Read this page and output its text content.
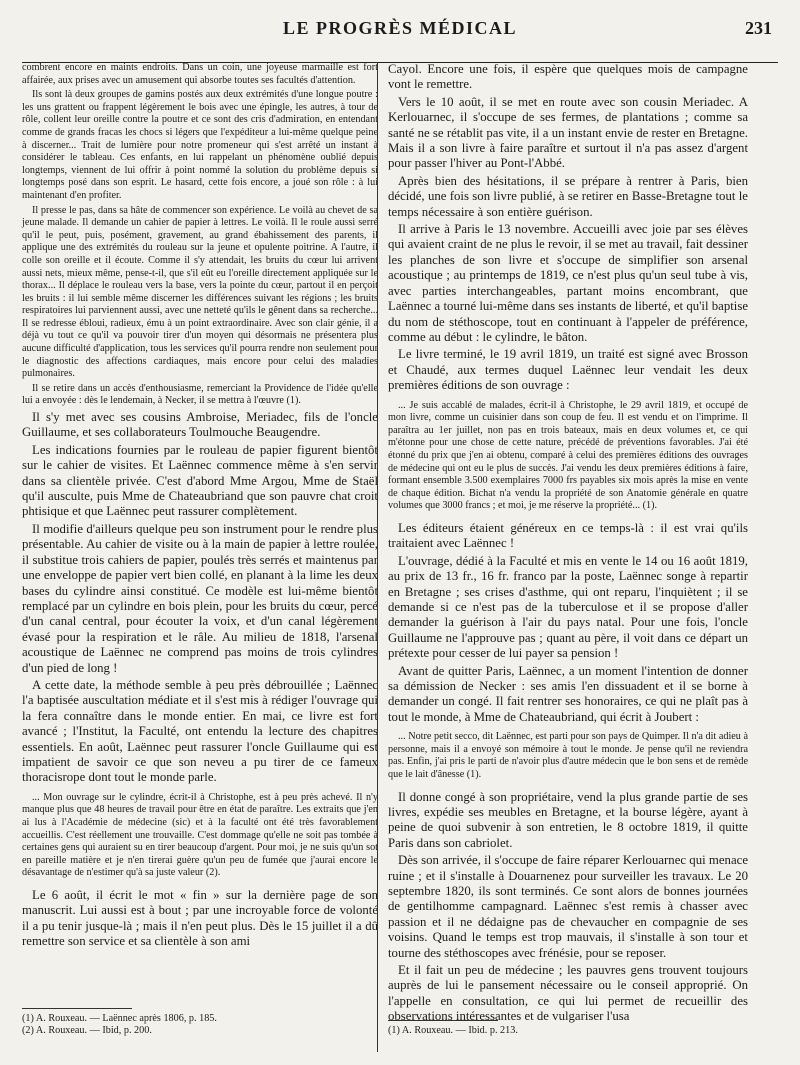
LE PROGRÈS MÉDICAL	231

combrent encore en maints endroits. Dans un coin, une joyeuse marmaille est fort affairée, aux prises avec un amusement qui absorbe toutes ses facultés d'attention.

Ils sont là deux groupes de gamins postés aux deux extrémités d'une longue poutre : les uns grattent ou frappent légèrement le bois avec une épingle, les autres, à tour de rôle, collent leur oreille contre la poutre et ce sont des cris d'admiration, en entendant comme de grands fracas les chocs si légers que l'expéditeur a lui-même quelque peine à discerner... Trait de lumière pour notre promeneur qui s'est arrêté un instant à considérer le tableau. Ces enfants, en lui rappelant un phénomène oublié depuis longtemps, viennent de lui offrir à point nommé la solution du problème depuis si longtemps posé dans son esprit. Le hasard, cette fois encore, a joué son rôle : à lui maintenant d'en profiter.

Il presse le pas, dans sa hâte de commencer son expérience. Le voilà au chevet de sa jeune malade. Il demande un cahier de papier à lettres. Le voilà. Il le roule aussi serré qu'il le peut, puis, posément, gravement, au grand ébahissement des parents, il applique une des extrémités du rouleau sur la jeune et opulente poitrine. A l'autre, il colle son oreille et il écoute. Comme il s'y attendait, les bruits du cœur lui arrivent aussi nets, mieux même, pense-t-il, que s'il eût eu l'oreille directement appliquée sur le thorax... Il déplace le rouleau vers la base, vers la pointe du cœur, partout il en perçoit les bruits : il lui semble même discerner les différences suivant les régions ; les bruits respiratoires lui parviennent aussi, avec une netteté qu'ils le gênent dans sa recherche... Il se redresse ébloui, radieux, ému à un point extraordinaire. Avec son clair génie, il a déjà vu tout ce qu'il va pouvoir tirer d'un moyen qui désormais ne présentera plus aucune difficulté d'application, tous les services qu'il pourra rendre non seulement pour le diagnostic des affections cardiaques, mais encore pour celui des maladies pulmonaires.

Il se retire dans un accès d'enthousiasme, remerciant la Providence de l'idée qu'elle lui a envoyée : dès le lendemain, à Necker, il se mettra à l'œuvre (1).

Il s'y met avec ses cousins Ambroise, Meriadec, fils de l'oncle Guillaume, et ses collaborateurs Toulmouche Beaugendre.

Les indications fournies par le rouleau de papier figurent bientôt sur le cahier de visites. Et Laënnec commence même à s'en servir dans sa clientèle privée. C'est d'abord Mme Argou, Mme de Staël qu'il ausculte, puis Mme de Chateaubriand que son pauvre chat croit phtisique et que Laënnec peut rassurer complètement.

Il modifie d'ailleurs quelque peu son instrument pour le rendre plus présentable. Au cahier de visite ou à la main de papier à lettre roulée, il substitue trois cahiers de papier, poulés très serrés et maintenus par une enveloppe de papier vert bien collé, en planant à la lime les deux bases du cylindre ainsi constitué. Ce modèle est lui-même bientôt remplacé par un cylindre en bois plein, pour les bruits du cœur, percé d'un canal central, pour écouter la voix, et d'un canal légèrement évasé pour la respiration et le râle. Au milieu de 1818, l'arsenal acoustique de Laënnec ne comprend pas moins de trois cylindres d'un pied de long !

A cette date, la méthode semble à peu près débrouillée ; Laënnec l'a baptisée auscultation médiate et il s'est mis à rédiger l'ouvrage qui la fera connaître dans le monde entier. En mai, ce livre est fort avancé ; l'Institut, la Faculté, ont entendu la lecture des chapitres essentiels. En août, Laënnec peut rassurer l'oncle Guillaume qui est impatient de savoir ce que son neveu a pu tirer de ce fameux thoracisrope dont tout le monde parle.

... Mon ouvrage sur le cylindre, écrit-il à Christophe, est à peu près achevé. Il n'y manque plus que 48 heures de travail pour être en état de paraître. Les extraits que j'en ai lus à l'Académie de médecine (sic) et à la faculté ont été très favorablement accueillis. C'est réellement une trouvaille. C'est dommage qu'elle ne soit pas tombée à certaines gens qui auraient su en tirer beaucoup d'argent. Pour moi, je ne suis qu'un sot en pareille matière et je n'en tirerai guère qu'un peu de fumée que j'aurai encore le désavantage de n'estimer qu'à sa juste valeur (2).

Le 6 août, il écrit le mot « fin » sur la dernière page de son manuscrit. Lui aussi est à bout ; par une incroyable force de volonté il a pu tenir jusque-là ; mais il n'en peut plus. Dès le 15 juillet il a dû remettre son service et sa clientèle à son ami

Cayol. Encore une fois, il espère que quelques mois de campagne vont le remettre.

Vers le 10 août, il se met en route avec son cousin Meriadec. A Kerlouarnec, il s'occupe de ses fermes, de plantations ; comme sa santé ne se rétablit pas vite, il a un instant envie de rester en Bretagne. Mais il a son livre à faire paraître et surtout il n'a pas assez d'argent pour passer l'hiver au Pont-l'Abbé.

Après bien des hésitations, il se prépare à rentrer à Paris, bien décidé, une fois son livre publié, à se retirer en Basse-Bretagne tout le temps nécessaire à son entière guérison.

Il arrive à Paris le 13 novembre. Accueilli avec joie par ses élèves qui avaient craint de ne plus le revoir, il se met au travail, fait dessiner les planches de son livre et s'occupe de simplifier son arsenal acoustique ; au printemps de 1819, ce n'est plus qu'un seul tube à vis, avec parties interchangeables, partant moins encombrant, que Laënnec a tourné lui-même dans ses instants de liberté, et qu'il baptise du nom de stéthoscope, tout en continuant à l'appeler de préférence, comme au début : le cylindre, le bâton.

Le livre terminé, le 19 avril 1819, un traité est signé avec Brosson et Chaudé, aux termes duquel Laënnec leur vendait les deux premières éditions de son ouvrage :

... Je suis accablé de malades, écrit-il à Christophe, le 29 avril 1819, et occupé de mon livre, comme un cuisinier dans son coup de feu. Il est vendu et on l'imprime. Il paraîtra au 1er juillet, non pas en trois bateaux, mais en deux volumes et, ce qui m'étonne pour une chose de cette nature, précédé de préventions favorables. J'ai été étonné du prix que j'en ai obtenu, comparé à celui des premières éditions des ouvrages de médecine qui ont eu le plus de succès. J'ai vendu les deux premières éditions à faire, formant ensemble 3.500 exemplaires 7000 frs payables six mois après la mise en vente de chaque édition. Bichat n'a vendu la propriété de son Anatomie générale en quatre volumes que 3000 francs ; et moi, je me réserve la propriété... (1).

Les éditeurs étaient généreux en ce temps-là : il est vrai qu'ils traitaient avec Laënnec !

L'ouvrage, dédié à la Faculté et mis en vente le 14 ou 16 août 1819, au prix de 13 fr., 16 fr. franco par la poste, Laënnec songe à repartir en Bretagne ; ses crises d'asthme, qui ont reparu, l'inquiètent ; il se demande si ce n'est pas de la tuberculose et il se propose d'aller demander la guérison à l'air du pays natal. Pour une fois, l'oncle Guillaume ne l'approuve pas ; quant au père, il voit dans ce départ un prétexte pour cesser de lui payer sa pension !

Avant de quitter Paris, Laënnec, a un moment l'intention de donner sa démission de Necker : ses amis l'en dissuadent et il se borne à demander un congé. Il fait rentrer ses honoraires, ce qui ne plaît pas à tout le monde, à Mme de Chateaubriand, qui écrit à Joubert :

... Notre petit secco, dit Laënnec, est parti pour son pays de Quimper. Il n'a dit adieu à personne, mais il a envoyé son mémoire à tout le monde. Je pense qu'il ne reviendra pas. Enfin, j'ai pris le parti de n'avoir plus d'autre médecin que le bon sens et de remède que le lait d'ânesse (1).

Il donne congé à son propriétaire, vend la plus grande partie de ses livres, expédie ses meubles en Bretagne, et la bourse légère, ayant à peine de quoi subvenir à son entretien, le 8 octobre 1819, il quitte Paris dans son cabriolet.

Dès son arrivée, il s'occupe de faire réparer Kerlouarnec qui menace ruine ; et il s'installe à Douarnenez pour surveiller les travaux. Le 20 septembre 1820, ils sont terminés. Ce sont alors de bonnes journées de gentilhomme campagnard. Laënnec s'est remis à chasser avec passion et il ne dédaigne pas de chevaucher en compagnie de ses voisins. Quand le temps est trop mauvais, il s'installe à son tour et tourne des stéthoscopes avec frénésie, pour se reposer.

Et il fait un peu de médecine ; les pauvres gens trouvent toujours auprès de lui le pansement nécessaire ou le conseil approprié. On l'appelle en consultation, ce qui lui permet de recueillir des observations intéressantes et de vulgariser l'usa

(1) A. Rouxeau. — Laënnec après 1806, p. 185.
(2) A. Rouxeau. — Ibid, p. 200.	(1) A. Rouxeau. — Ibid. p. 213.
